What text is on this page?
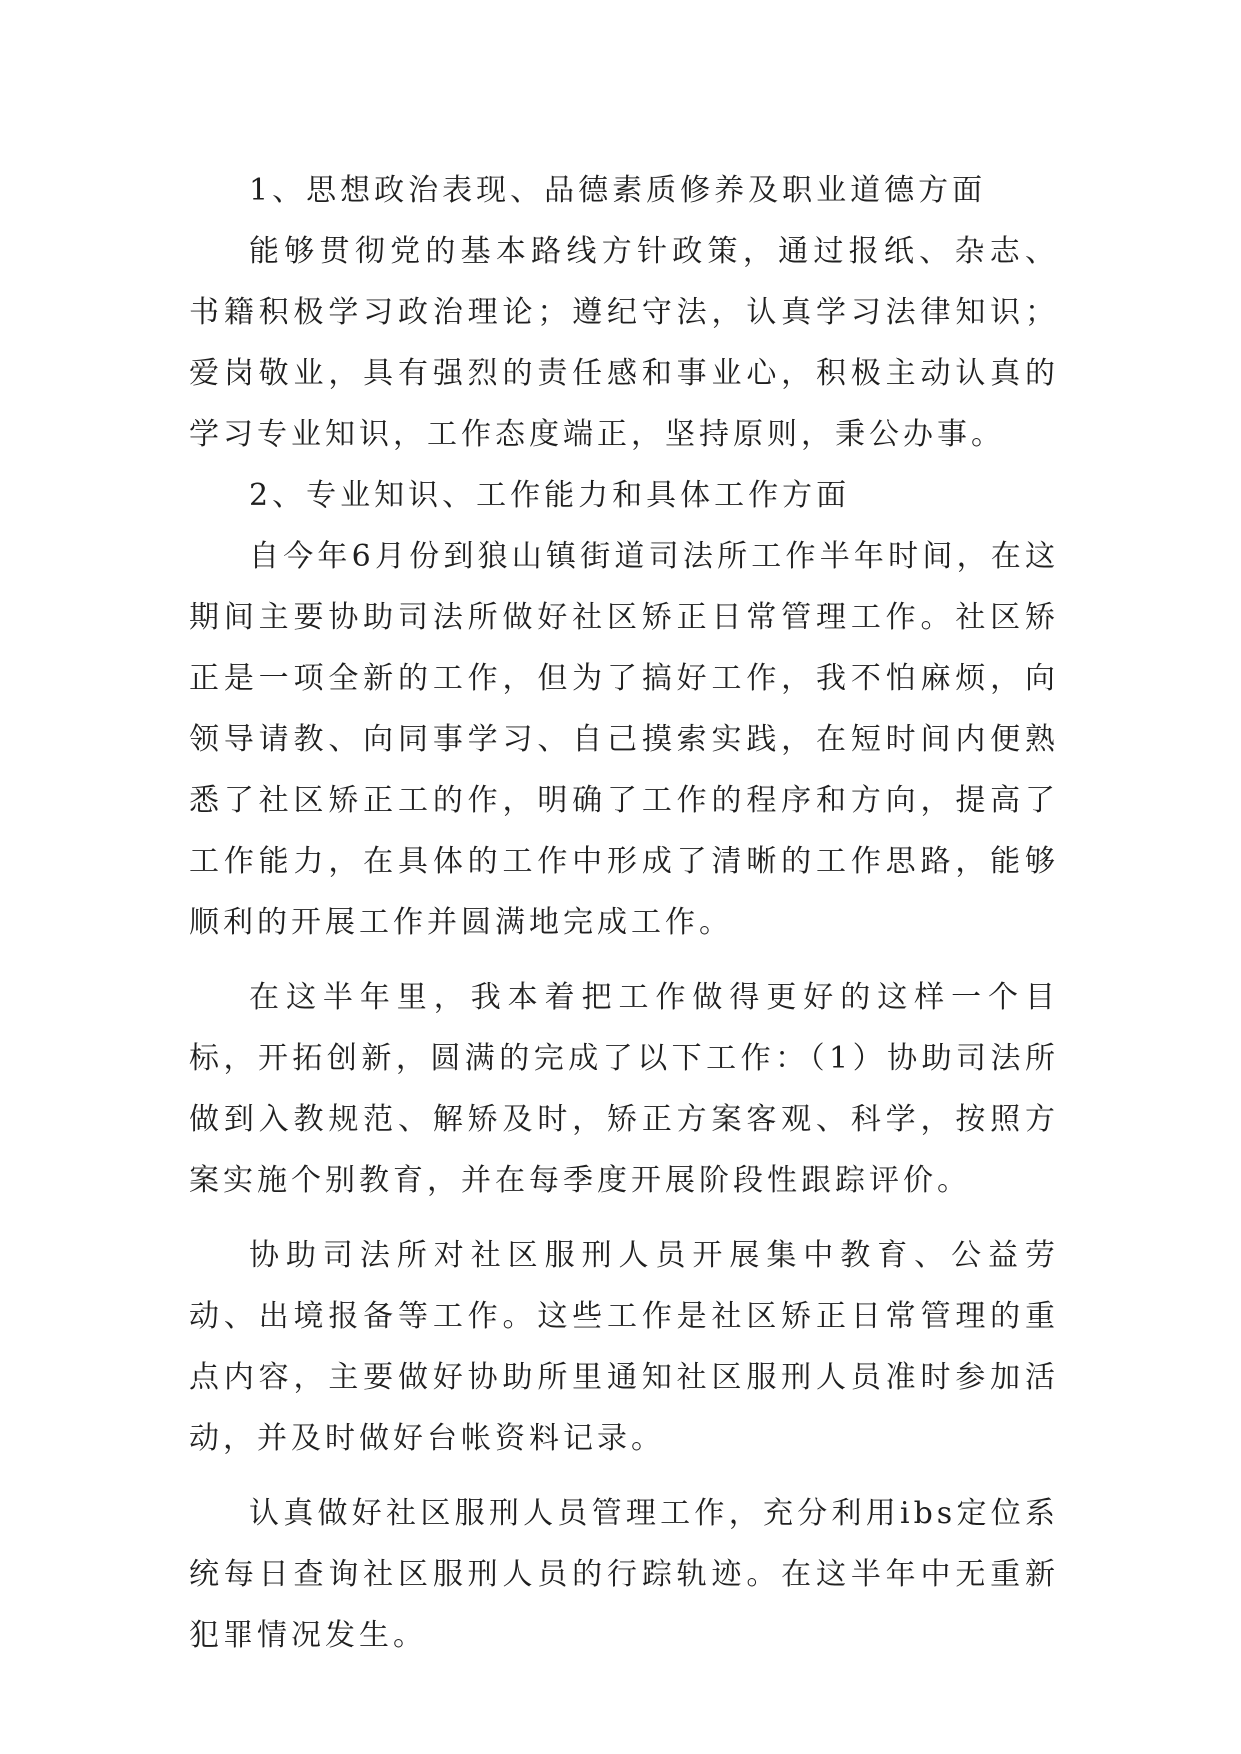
1、思想政治表现、品德素质修养及职业道德方面

能够贯彻党的基本路线方针政策，通过报纸、杂志、书籍积极学习政治理论；遵纪守法，认真学习法律知识；爱岗敬业，具有强烈的责任感和事业心，积极主动认真的学习专业知识，工作态度端正，坚持原则，秉公办事。

2、专业知识、工作能力和具体工作方面

自今年6月份到狼山镇街道司法所工作半年时间，在这期间主要协助司法所做好社区矫正日常管理工作。社区矫正是一项全新的工作，但为了搞好工作，我不怕麻烦，向领导请教、向同事学习、自己摸索实践，在短时间内便熟悉了社区矫正工的作，明确了工作的程序和方向，提高了工作能力，在具体的工作中形成了清晰的工作思路，能够顺利的开展工作并圆满地完成工作。

在这半年里，我本着把工作做得更好的这样一个目标，开拓创新，圆满的完成了以下工作：（1）协助司法所做到入教规范、解矫及时，矫正方案客观、科学，按照方案实施个别教育，并在每季度开展阶段性跟踪评价。

协助司法所对社区服刑人员开展集中教育、公益劳动、出境报备等工作。这些工作是社区矫正日常管理的重点内容，主要做好协助所里通知社区服刑人员准时参加活动，并及时做好台帐资料记录。

认真做好社区服刑人员管理工作，充分利用ibs定位系统每日查询社区服刑人员的行踪轨迹。在这半年中无重新犯罪情况发生。
